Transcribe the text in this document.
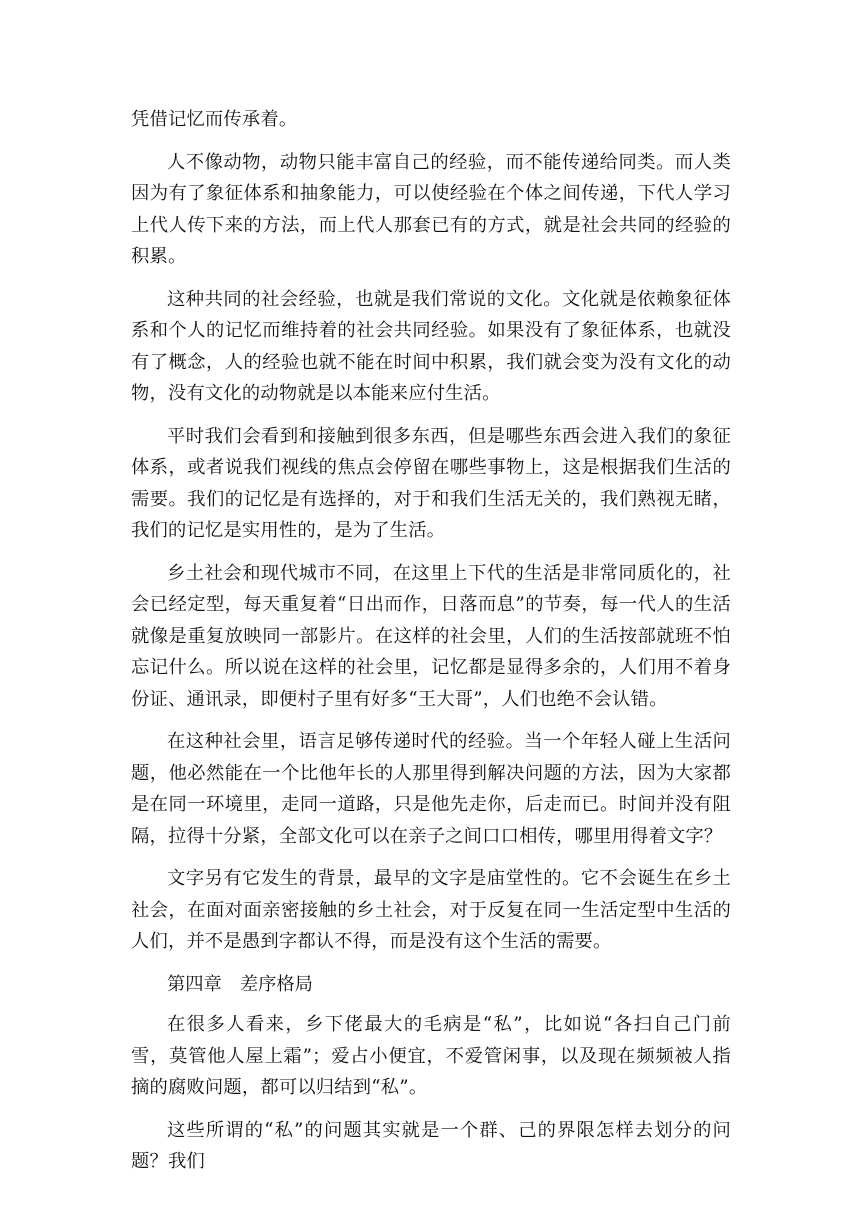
凭借记忆而传承着。

人不像动物，动物只能丰富自己的经验，而不能传递给同类。而人类因为有了象征体系和抽象能力，可以使经验在个体之间传递，下代人学习上代人传下来的方法，而上代人那套已有的方式，就是社会共同的经验的积累。

这种共同的社会经验，也就是我们常说的文化。文化就是依赖象征体系和个人的记忆而维持着的社会共同经验。如果没有了象征体系，也就没有了概念，人的经验也就不能在时间中积累，我们就会变为没有文化的动物，没有文化的动物就是以本能来应付生活。

平时我们会看到和接触到很多东西，但是哪些东西会进入我们的象征体系，或者说我们视线的焦点会停留在哪些事物上，这是根据我们生活的需要。我们的记忆是有选择的，对于和我们生活无关的，我们熟视无睹，我们的记忆是实用性的，是为了生活。

乡土社会和现代城市不同，在这里上下代的生活是非常同质化的，社会已经定型，每天重复着“日出而作，日落而息”的节奏，每一代人的生活就像是重复放映同一部影片。在这样的社会里，人们的生活按部就班不怕忘记什么。所以说在这样的社会里，记忆都是显得多余的，人们用不着身份证、通讯录，即便村子里有好多“王大哥”，人们也绝不会认错。

在这种社会里，语言足够传递时代的经验。当一个年轻人碰上生活问题，他必然能在一个比他年长的人那里得到解决问题的方法，因为大家都是在同一环境里，走同一道路，只是他先走你，后走而已。时间并没有阻隔，拉得十分紧，全部文化可以在亲子之间口口相传，哪里用得着文字？

文字另有它发生的背景，最早的文字是庙堂性的。它不会诞生在乡土社会，在面对面亲密接触的乡土社会，对于反复在同一生活定型中生活的人们，并不是愚到字都认不得，而是没有这个生活的需要。

第四章 差序格局

在很多人看来，乡下佬最大的毛病是“私”，比如说“各扫自己门前雪，莫管他人屋上霜”；爱占小便宜，不爱管闲事，以及现在频频被人指摘的腐败问题，都可以归结到“私”。

这些所谓的“私”的问题其实就是一个群、己的界限怎样去划分的问题？我们
